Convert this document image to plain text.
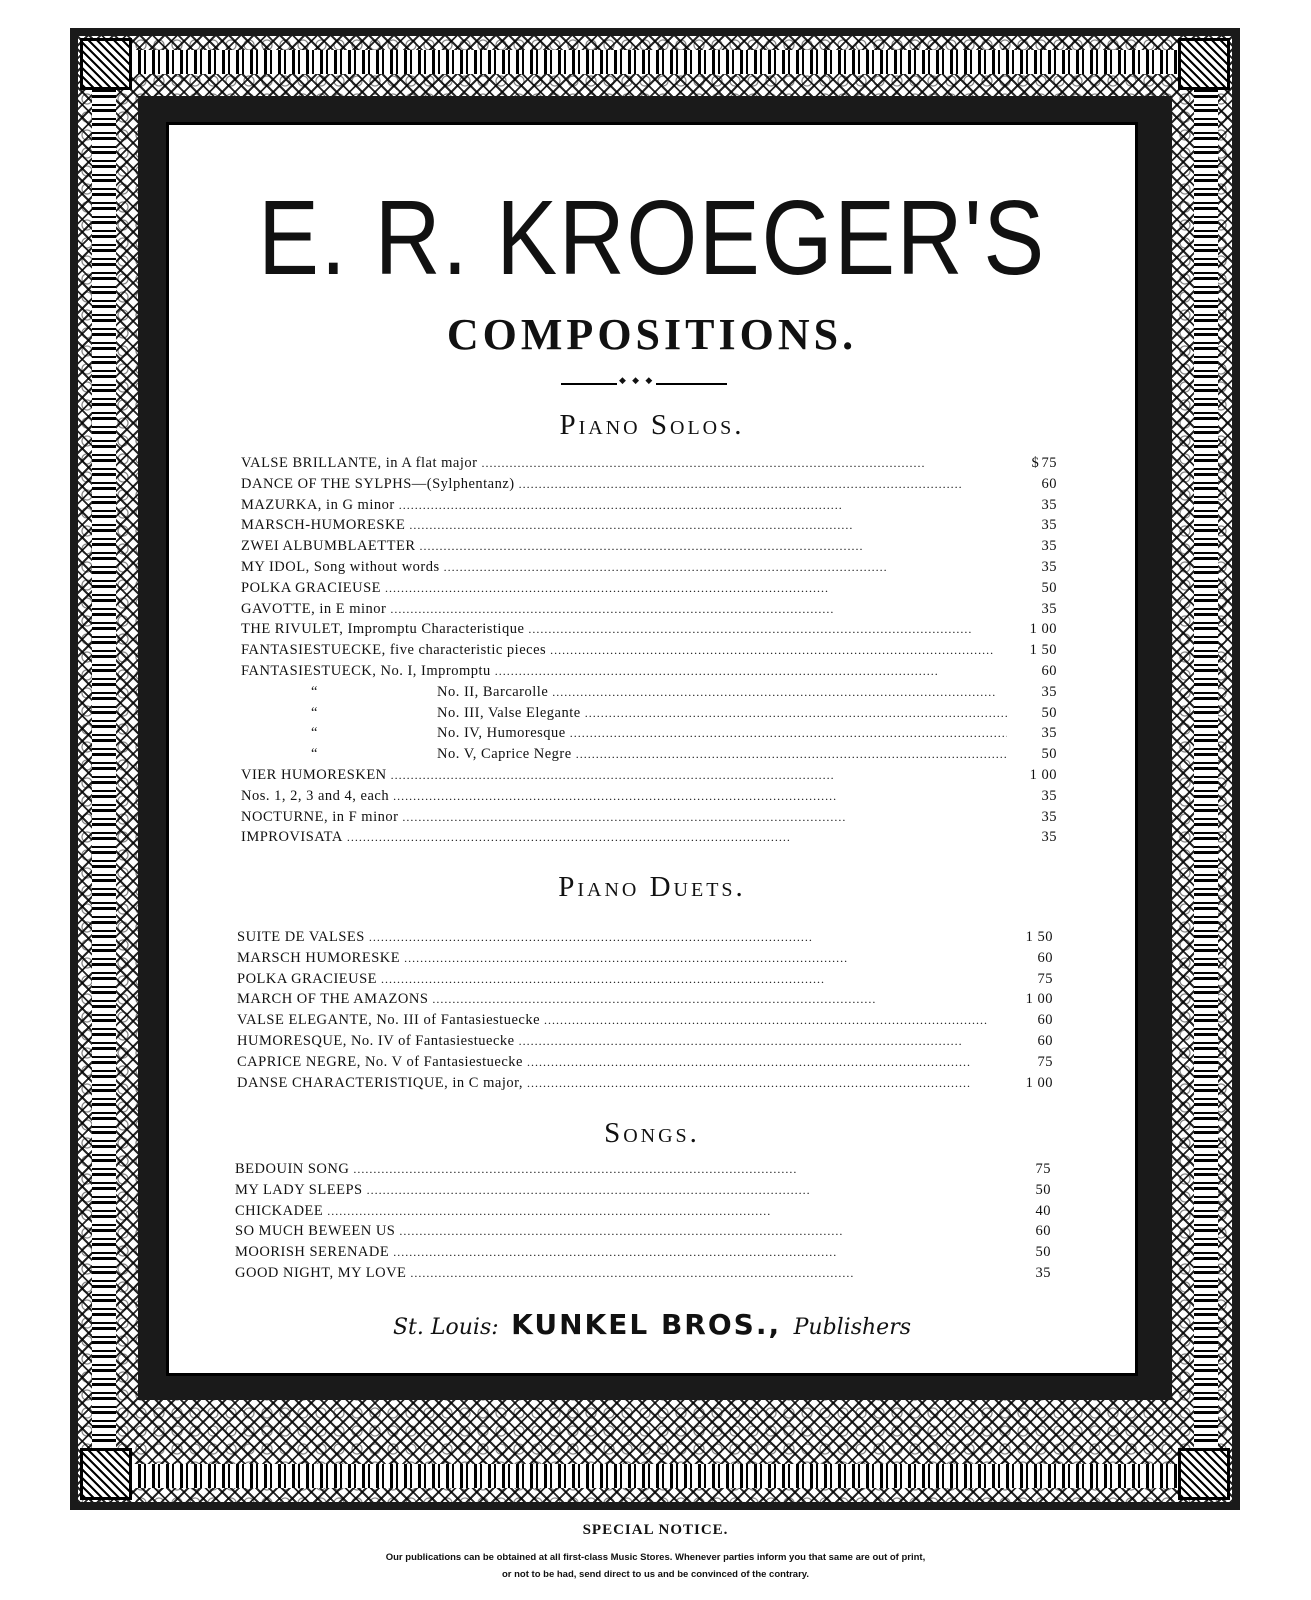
E. R. KROEGER'S
COMPOSITIONS.
◆ ◆ ◆
Piano Solos.
VALSE BRILLANTE, in A flat major . . .	$ 75
DANCE OF THE SYLPHS—(Sylphentanz) . . .	60
MAZURKA, in G minor . . .	35
MARSCH-HUMORESKE . . .	35
ZWEI ALBUMBLAETTER . . .	35
MY IDOL, Song without words . . .	35
POLKA GRACIEUSE . . .	50
GAVOTTE, in E minor . . .	35
THE RIVULET, Impromptu Characteristique . . .	1 00
FANTASIESTUECKE, five characteristic pieces . . .	1 50
FANTASIESTUECK, No. I, Impromptu . . .	60
“	No. II, Barcarolle . . .	35
“	No. III, Valse Elegante . . .	50
“	No. IV, Humoresque . . .	35
“	No. V, Caprice Negre . . .	50
VIER HUMORESKEN . . .	1 00
Nos. 1, 2, 3 and 4, each . . .	35
NOCTURNE, in F minor . . .	35
IMPROVISATA . . .	35
Piano Duets.
SUITE DE VALSES . . .	1 50
MARSCH HUMORESKE . . .	60
POLKA GRACIEUSE . . .	75
MARCH OF THE AMAZONS . . .	1 00
VALSE ELEGANTE, No. III of Fantasiestuecke . . .	60
HUMORESQUE, No. IV of Fantasiestuecke . . .	60
CAPRICE NEGRE, No. V of Fantasiestuecke . . .	75
DANSE CHARACTERISTIQUE, in C major, . . .	1 00
Songs.
BEDOUIN SONG . . .	75
MY LADY SLEEPS . . .	50
CHICKADEE . . .	40
SO MUCH BEWEEN US . . .	60
MOORISH SERENADE . . .	50
GOOD NIGHT, MY LOVE . . .	35
St. Louis: KUNKEL BROS., Publishers
SPECIAL NOTICE.
Our publications can be obtained at all first-class Music Stores. Whenever parties inform you that same are out of print,
or not to be had, send direct to us and be convinced of the contrary.
